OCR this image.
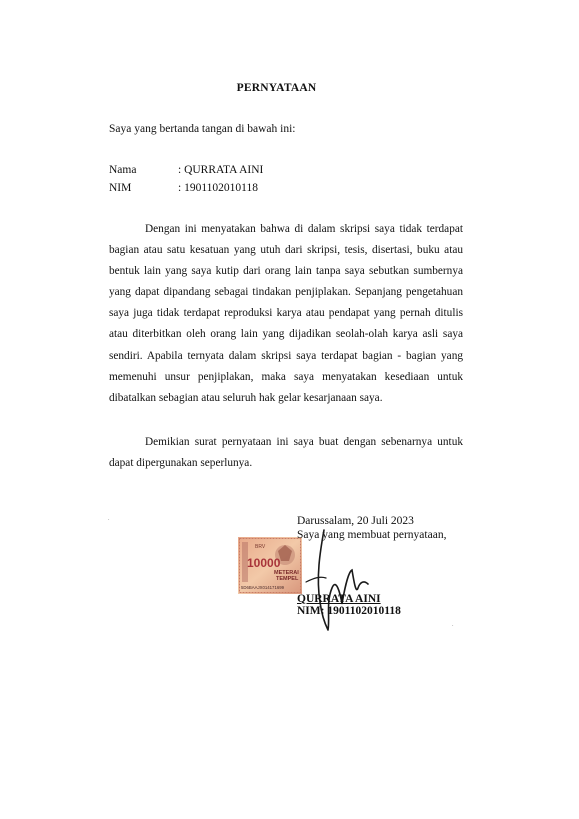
PERNYATAAN
Saya yang bertanda tangan di bawah ini:
Nama	: QURRATA AINI
NIM	: 1901102010118

Dengan ini menyatakan bahwa di dalam skripsi saya tidak terdapat bagian atau satu kesatuan yang utuh dari skripsi, tesis, disertasi, buku atau bentuk lain yang saya kutip dari orang lain tanpa saya sebutkan sumbernya yang dapat dipandang sebagai tindakan penjiplakan. Sepanjang pengetahuan saya juga tidak terdapat reproduksi karya atau pendapat yang pernah ditulis atau diterbitkan oleh orang lain yang dijadikan seolah-olah karya asli saya sendiri. Apabila ternyata dalam skripsi saya terdapat bagian - bagian yang memenuhi unsur penjiplakan, maka saya menyatakan kesediaan untuk dibatalkan sebagian atau seluruh hak gelar kesarjanaan saya.

Demikian surat pernyataan ini saya buat dengan sebenarnya untuk dapat dipergunakan seperlunya.

.
.
BRV
10000
METERAI
TEMPEL
5D6BAAJX014171699
Darussalam, 20 Juli 2023
Saya yang membuat pernyataan,
QURRATA AINI
NIM: 1901102010118
